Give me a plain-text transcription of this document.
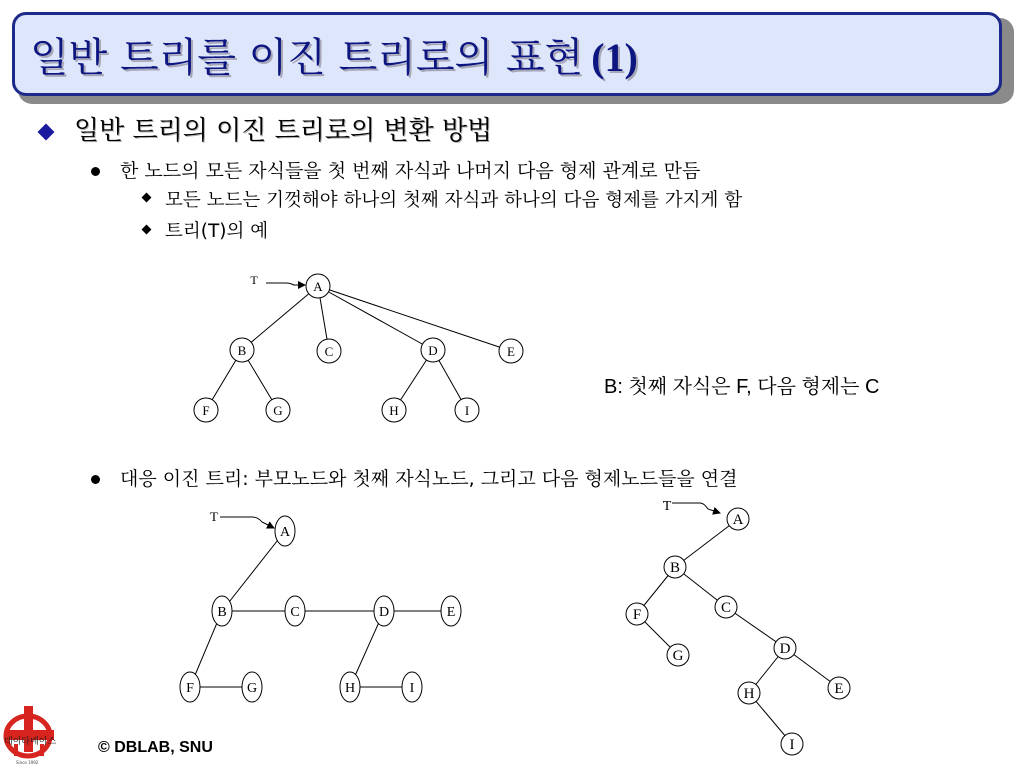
일반 트리를 이진 트리로의 표현 (1)
일반 트리의 이진 트리로의 변환 방법
한 노드의 모든 자식들을 첫 번째 자식과 나머지 다음 형제 관계로 만듬
모든 노드는 기껏해야 하나의 첫째 자식과 하나의 다음 형제를 가지게 함
트리(T)의 예
대응 이진 트리: 부모노드와 첫째 자식노드, 그리고 다음 형제노드들을 연결
B: 첫째 자식은 F, 다음 형제는 C
A
B	C	D	E
F	G	H	I
T
A
B	C	D	E
F	G	H	I
T	A
B
F	C
G	D
H	E
I
T
데이타베이스
Since 1992
© DBLAB, SNU
